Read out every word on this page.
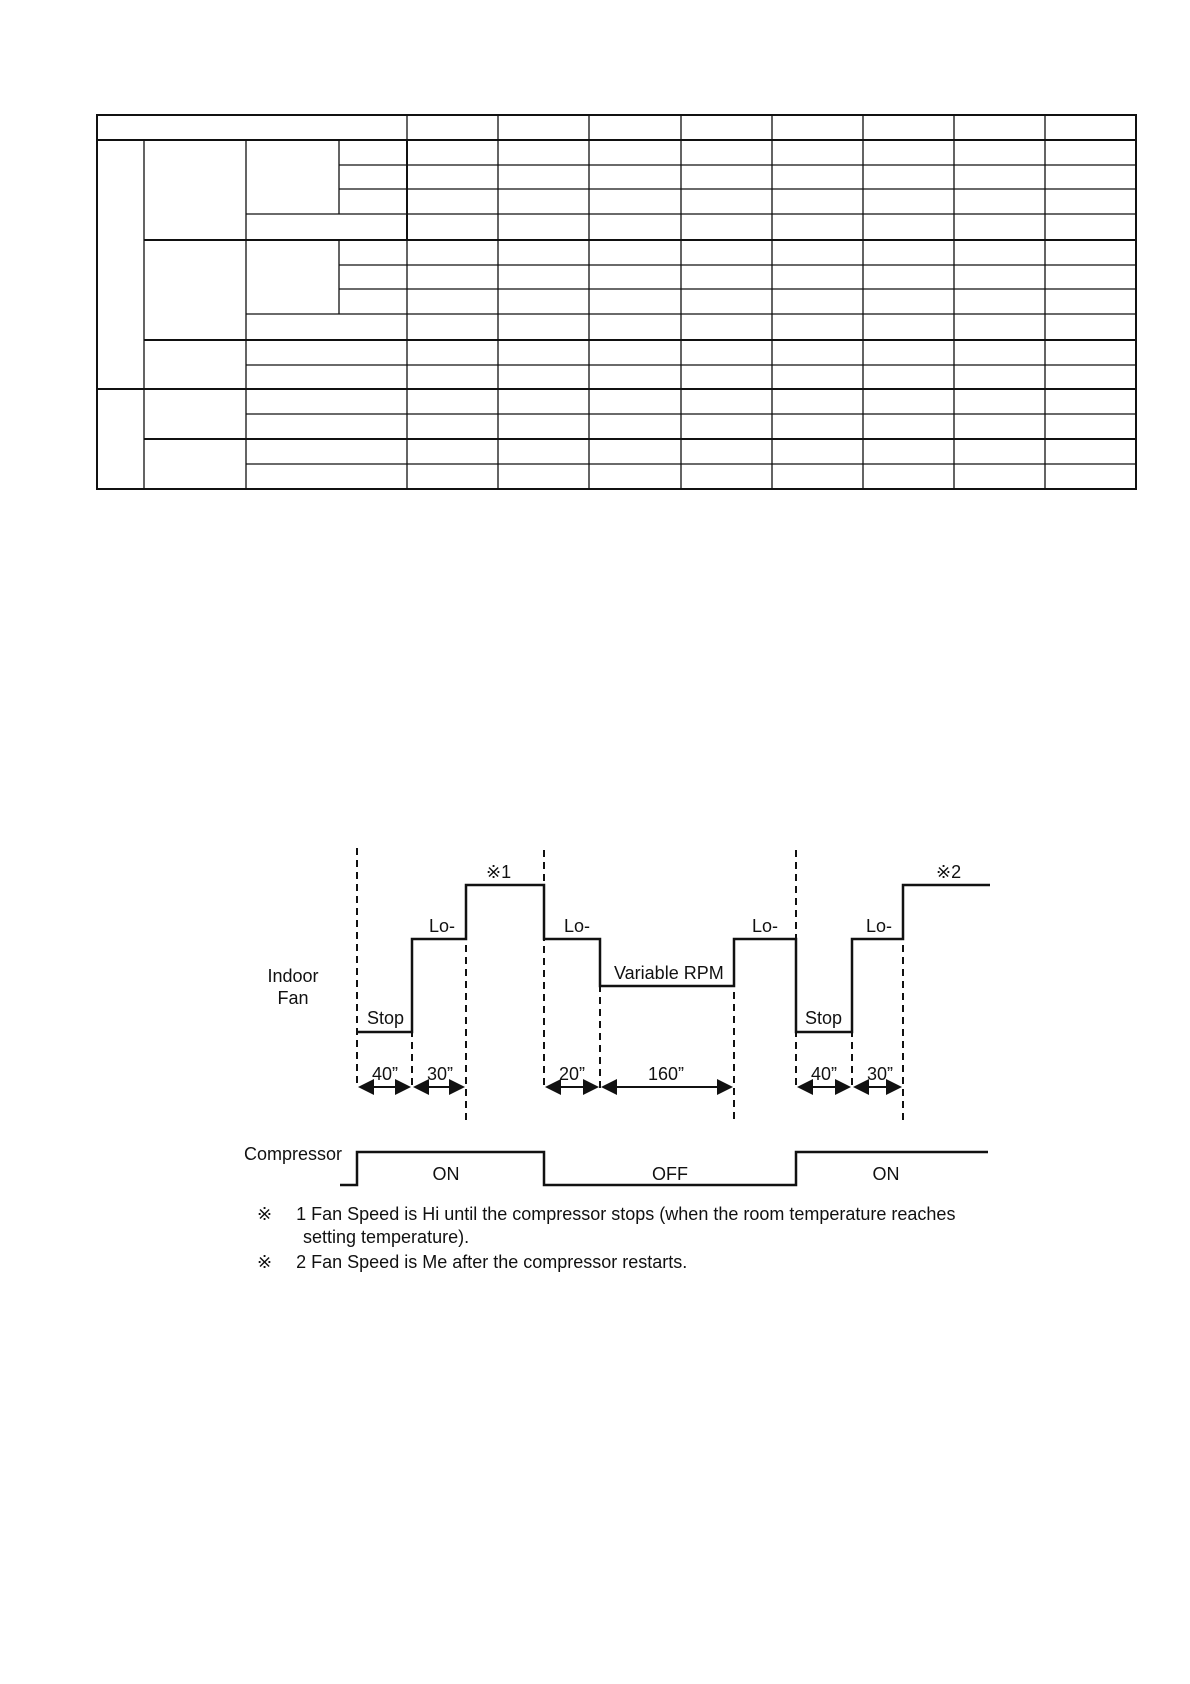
Indoor
Fan
Compressor
Stop
Lo-
※1
Lo-
Variable RPM
Lo-
Stop
Lo-
※2
40” 30”	20”	160”	40” 30”
ON	OFF	ON
※ 1 Fan Speed is Hi until the compressor stops (when the room temperature reaches
setting temperature).
※ 2 Fan Speed is Me after the compressor restarts.
